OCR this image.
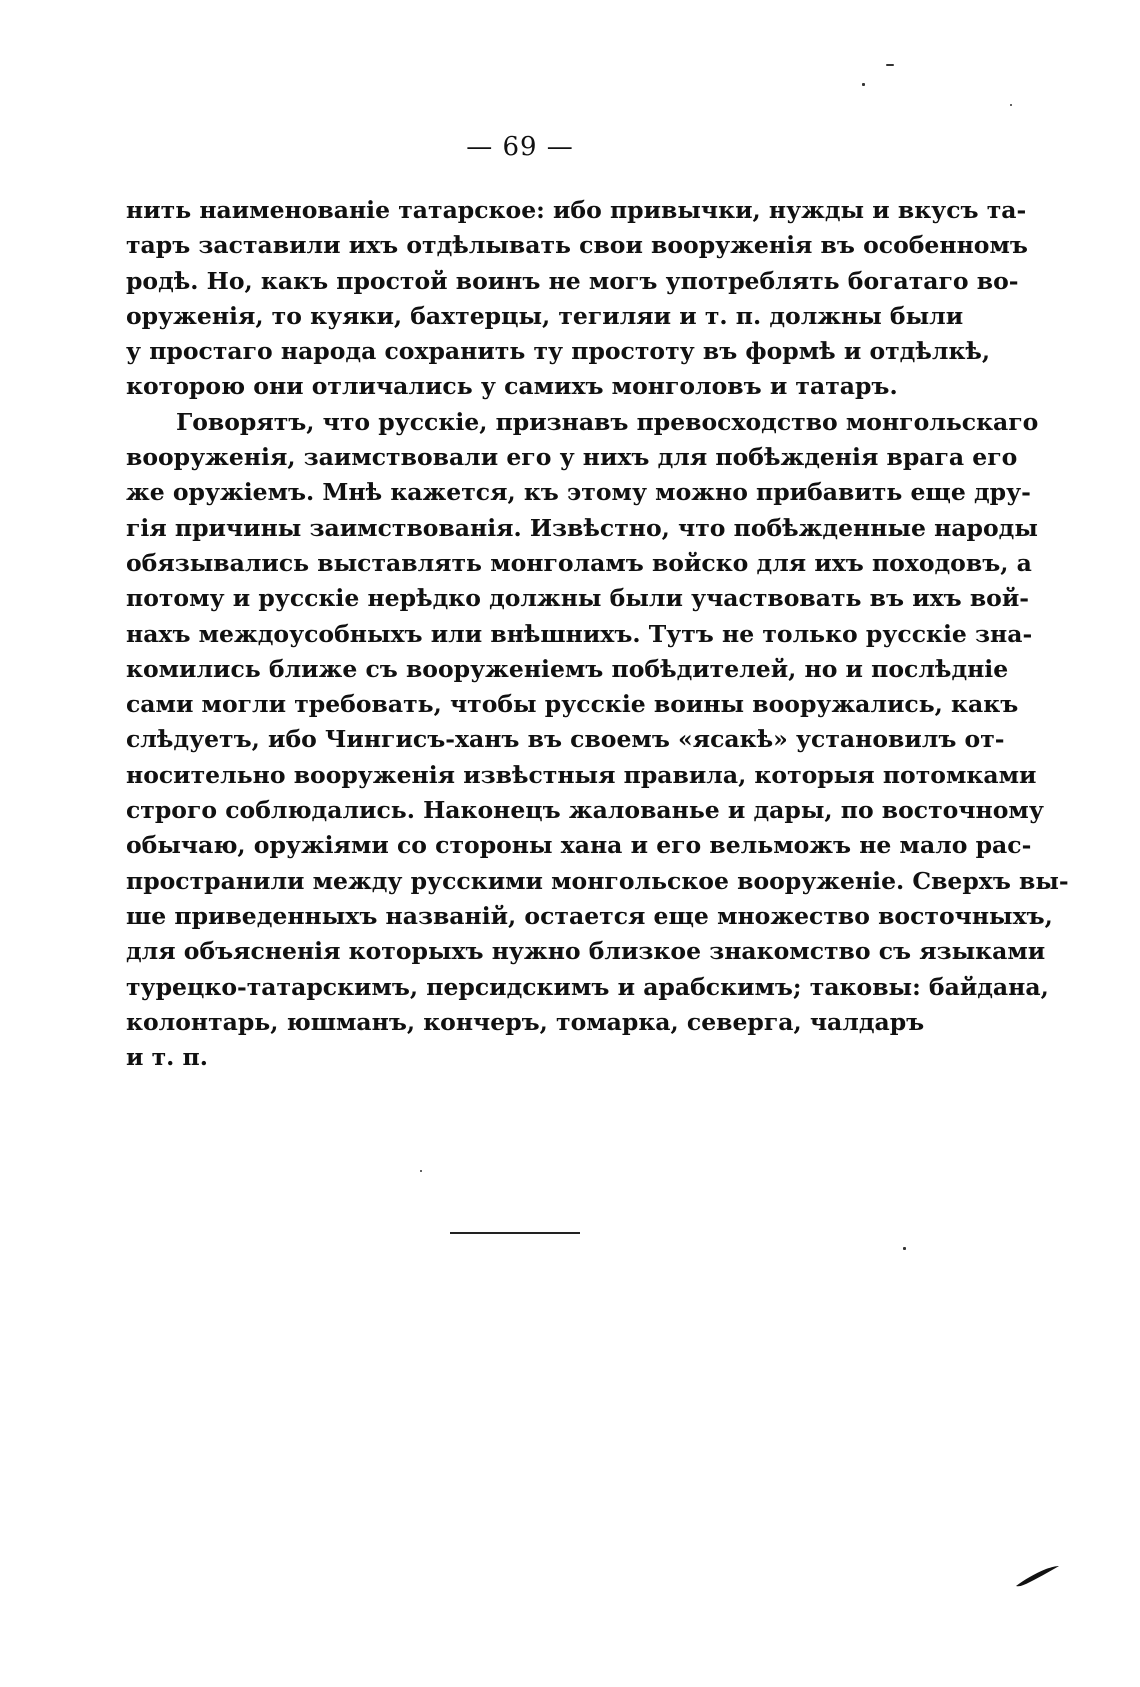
— 69 —
нить наименованіе татарское: ибо привычки, нужды и вкусъ та-
таръ заставили ихъ отдѣлывать свои вооруженія въ особенномъ
родѣ. Но, какъ простой воинъ не могъ употреблять богатаго во-
оруженія, то куяки, бахтерцы, тегиляи и т. п. должны были
у простаго народа сохранить ту простоту въ формѣ и отдѣлкѣ,
которою они отличались у самихъ монголовъ и татаръ.
Говорятъ, что русскіе, признавъ превосходство монгольскаго
вооруженія, заимствовали его у нихъ для побѣжденія врага его
же оружіемъ. Мнѣ кажется, къ этому можно прибавить еще дру-
гія причины заимствованія. Извѣстно, что побѣжденные народы
обязывались выставлять монголамъ войско для ихъ походовъ, а
потому и русскіе нерѣдко должны были участвовать въ ихъ вой-
нахъ междоусобныхъ или внѣшнихъ. Тутъ не только русскіе зна-
комились ближе съ вооруженіемъ побѣдителей, но и послѣдніе
сами могли требовать, чтобы русскіе воины вооружались, какъ
слѣдуетъ, ибо Чингисъ-ханъ въ своемъ «ясакѣ» установилъ от-
носительно вооруженія извѣстныя правила, которыя потомками
строго соблюдались. Наконецъ жалованье и дары, по восточному
обычаю, оружіями со стороны хана и его вельможъ не мало рас-
пространили между русскими монгольское вооруженіе. Сверхъ вы-
ше приведенныхъ названій, остается еще множество восточныхъ,
для объясненія которыхъ нужно близкое знакомство съ языками
турецко-татарскимъ, персидскимъ и арабскимъ; таковы: байдана,
колонтарь, юшманъ, кончеръ, томарка, северга, чалдаръ
и т. п.
